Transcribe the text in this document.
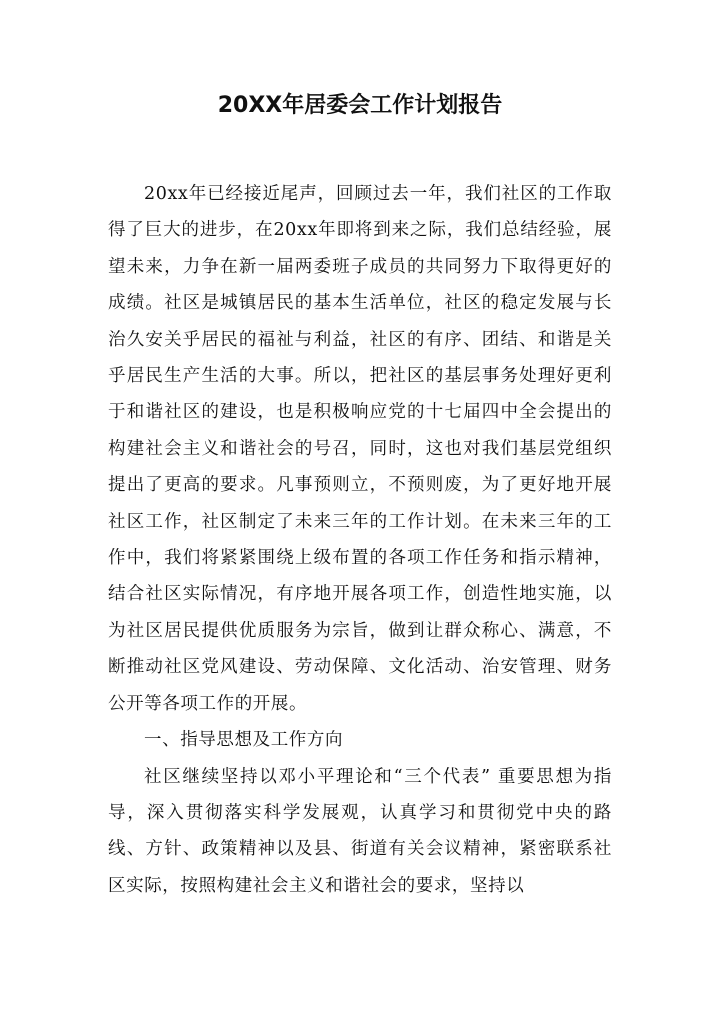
20XX年居委会工作计划报告

20xx年已经接近尾声，回顾过去一年，我们社区的工作取得了巨大的进步，在20xx年即将到来之际，我们总结经验，展望未来，力争在新一届两委班子成员的共同努力下取得更好的成绩。社区是城镇居民的基本生活单位，社区的稳定发展与长治久安关乎居民的福祉与利益，社区的有序、团结、和谐是关乎居民生产生活的大事。所以，把社区的基层事务处理好更利于和谐社区的建设，也是积极响应党的十七届四中全会提出的构建社会主义和谐社会的号召，同时，这也对我们基层党组织提出了更高的要求。凡事预则立，不预则废，为了更好地开展社区工作，社区制定了未来三年的工作计划。在未来三年的工作中，我们将紧紧围绕上级布置的各项工作任务和指示精神，结合社区实际情况，有序地开展各项工作，创造性地实施，以为社区居民提供优质服务为宗旨，做到让群众称心、满意，不断推动社区党风建设、劳动保障、文化活动、治安管理、财务公开等各项工作的开展。

一、指导思想及工作方向

社区继续坚持以邓小平理论和“三个代表” 重要思想为指导，深入贯彻落实科学发展观，认真学习和贯彻党中央的路线、方针、政策精神以及县、街道有关会议精神，紧密联系社区实际，按照构建社会主义和谐社会的要求，坚持以
